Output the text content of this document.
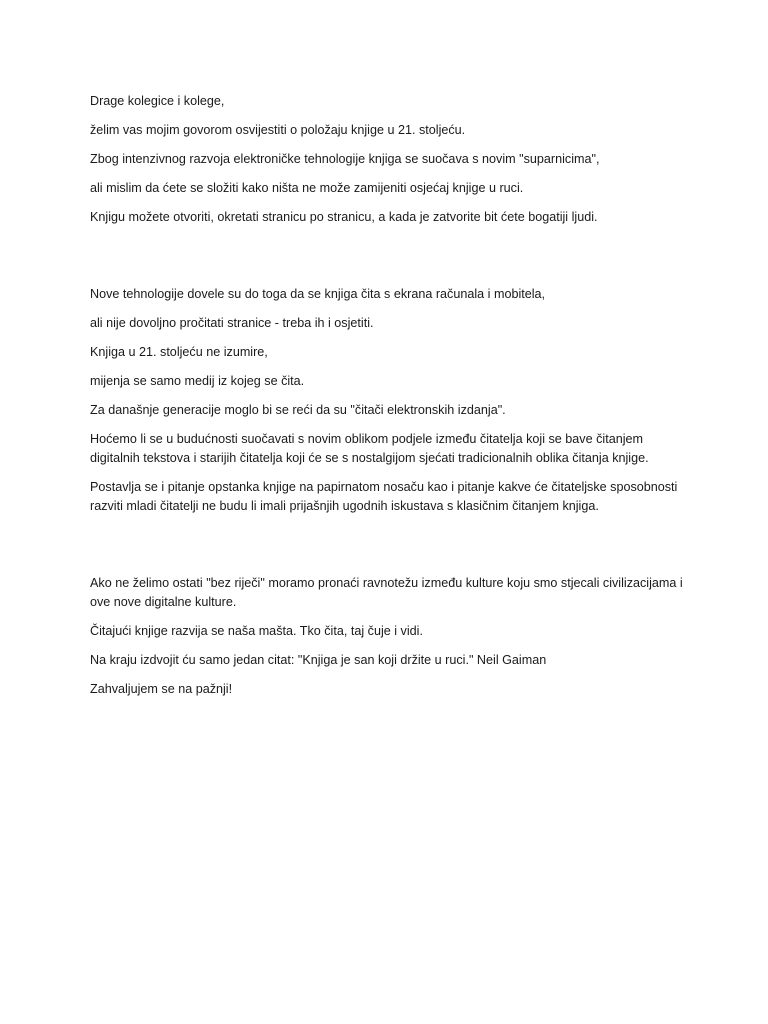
Drage kolegice i kolege,

želim vas mojim govorom osvijestiti o položaju knjige u 21. stoljeću.

Zbog intenzivnog razvoja elektroničke tehnologije knjiga se suočava s novim "suparnicima",

ali mislim da ćete se složiti kako ništa ne može zamijeniti osjećaj knjige u ruci.

Knjigu možete otvoriti, okretati stranicu po stranicu, a kada je zatvorite bit ćete bogatiji ljudi.

Nove tehnologije dovele su do toga da se knjiga čita s ekrana računala i mobitela,

ali nije dovoljno pročitati stranice - treba ih i osjetiti.

Knjiga u 21. stoljeću ne izumire,

mijenja se samo medij iz kojeg se čita.

Za današnje generacije moglo bi se reći da su "čitači elektronskih izdanja".

Hoćemo li se u budućnosti suočavati s novim oblikom podjele između čitatelja koji se bave čitanjem digitalnih tekstova i starijih čitatelja koji će se s nostalgijom sjećati tradicionalnih oblika čitanja knjige.

Postavlja se i pitanje opstanka knjige na papirnatom nosaču kao i pitanje kakve će čitateljske sposobnosti razviti mladi čitatelji ne budu li imali prijašnjih ugodnih iskustava s klasičnim čitanjem knjiga.

Ako ne želimo ostati "bez riječi" moramo pronaći ravnotežu između kulture koju smo stjecali civilizacijama i ove nove digitalne kulture.

Čitajući knjige razvija se naša mašta. Tko čita, taj čuje i vidi.

Na kraju izdvojit ću samo jedan citat: "Knjiga je san koji držite u ruci." Neil Gaiman

Zahvaljujem se na pažnji!
